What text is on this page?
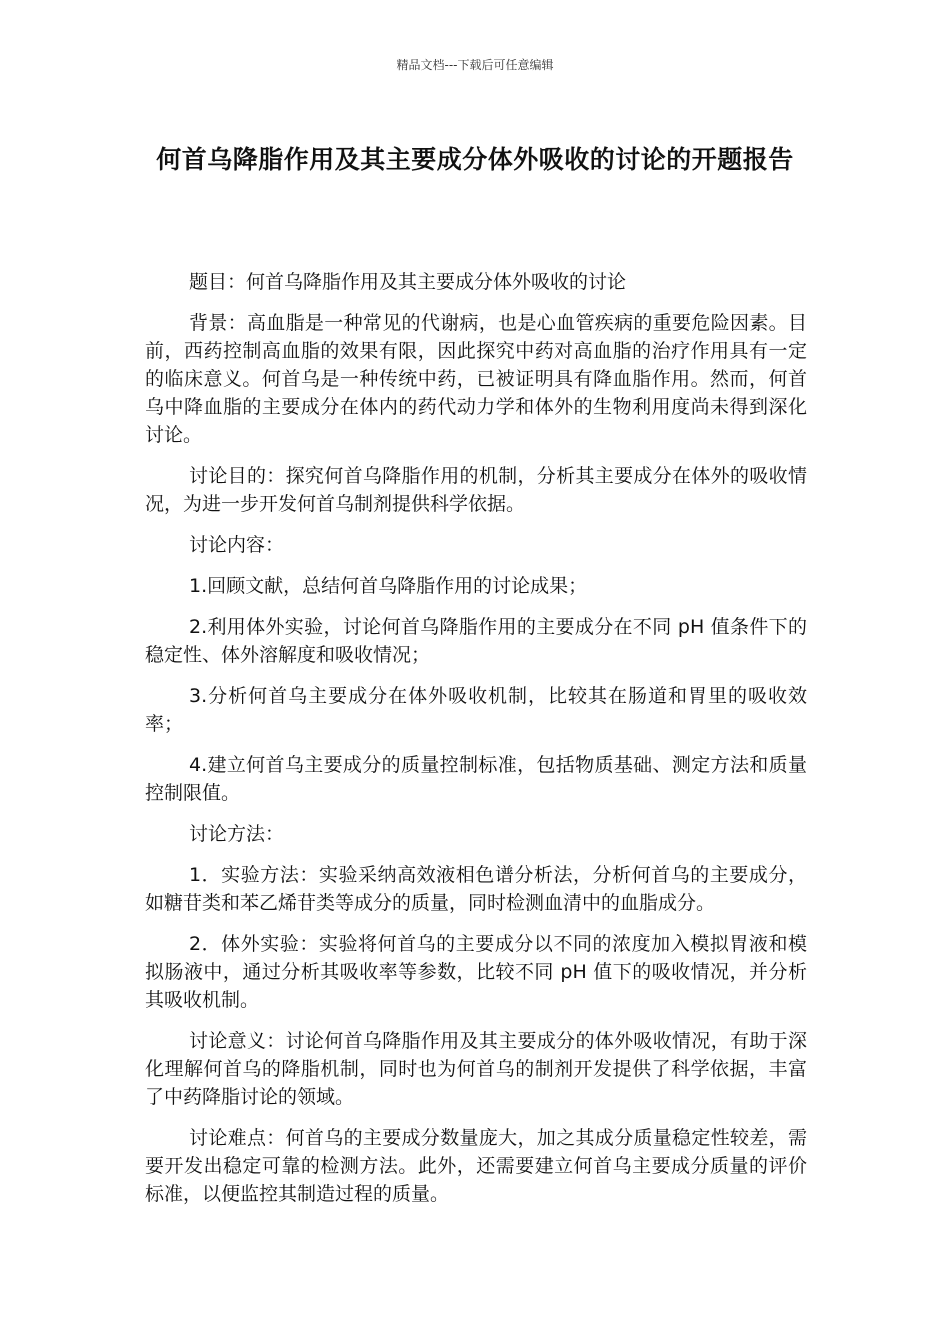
精品文档---下载后可任意编辑
何首乌降脂作用及其主要成分体外吸收的讨论的开题报告

题目：何首乌降脂作用及其主要成分体外吸收的讨论

背景：高血脂是一种常见的代谢病，也是心血管疾病的重要危险因素。目前，西药控制高血脂的效果有限，因此探究中药对高血脂的治疗作用具有一定的临床意义。何首乌是一种传统中药，已被证明具有降血脂作用。然而，何首乌中降血脂的主要成分在体内的药代动力学和体外的生物利用度尚未得到深化讨论。

讨论目的：探究何首乌降脂作用的机制，分析其主要成分在体外的吸收情况，为进一步开发何首乌制剂提供科学依据。

讨论内容：

1.回顾文献，总结何首乌降脂作用的讨论成果；

2.利用体外实验，讨论何首乌降脂作用的主要成分在不同 pH 值条件下的稳定性、体外溶解度和吸收情况；

3.分析何首乌主要成分在体外吸收机制，比较其在肠道和胃里的吸收效率；

4.建立何首乌主要成分的质量控制标准，包括物质基础、测定方法和质量控制限值。

讨论方法：

1．实验方法：实验采纳高效液相色谱分析法，分析何首乌的主要成分，如糖苷类和苯乙烯苷类等成分的质量，同时检测血清中的血脂成分。

2．体外实验：实验将何首乌的主要成分以不同的浓度加入模拟胃液和模拟肠液中，通过分析其吸收率等参数，比较不同 pH 值下的吸收情况，并分析其吸收机制。

讨论意义：讨论何首乌降脂作用及其主要成分的体外吸收情况，有助于深化理解何首乌的降脂机制，同时也为何首乌的制剂开发提供了科学依据，丰富了中药降脂讨论的领域。

讨论难点：何首乌的主要成分数量庞大，加之其成分质量稳定性较差，需要开发出稳定可靠的检测方法。此外，还需要建立何首乌主要成分质量的评价标准，以便监控其制造过程的质量。
